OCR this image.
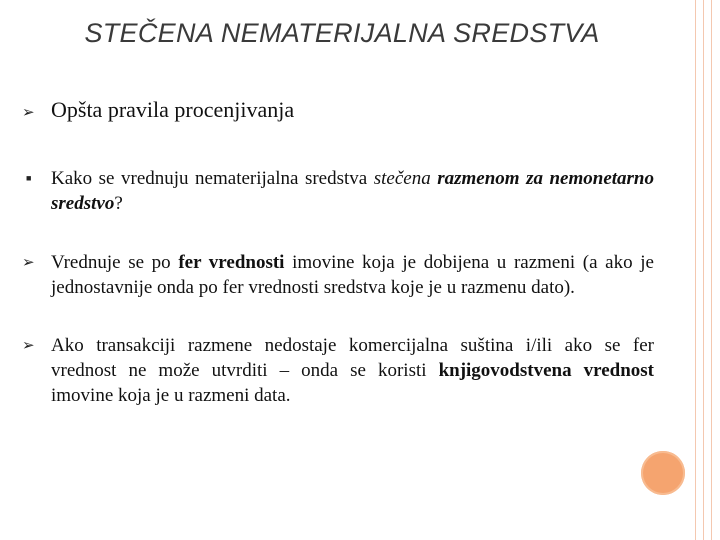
STEČENA NEMATERIJALNA SREDSTVA
➢ Opšta pravila procenjivanja
■	Kako se vrednuju nematerijalna sredstva stečena razmenom za nemonetarno sredstvo?
➢ Vrednuje se po fer vrednosti imovine koja je dobijena u razmeni (a ako je jednostavnije onda po fer vrednosti sredstva koje je u razmenu dato).
➢ Ako transakciji razmene nedostaje komercijalna suština i/ili ako se fer vrednost ne može utvrditi – onda se koristi knjigovodstvena vrednost imovine koja je u razmeni data.
